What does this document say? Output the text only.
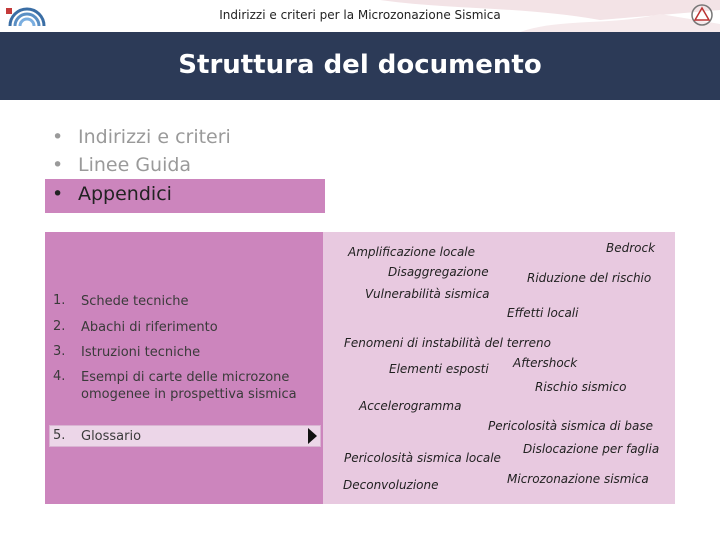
Indirizzi e criteri per la Microzonazione Sismica
Struttura del documento
• Indirizzi e criteri
• Linee Guida
• Appendici
1.	Schede tecniche
2.	Abachi di riferimento
3.	Istruzioni tecniche
4.	Esempi di carte delle microzone omogenee in prospettiva sismica
5.	Glossario
Amplificazione locale	Bedrock
Disaggregazione	Riduzione del rischio
Vulnerabilità sismica
Effetti locali
Fenomeni di instabilità del terreno
Aftershock
Elementi esposti
Rischio sismico
Accelerogramma
Pericolosità sismica di base
Dislocazione per faglia
Pericolosità sismica locale
Microzonazione sismica
Deconvoluzione
